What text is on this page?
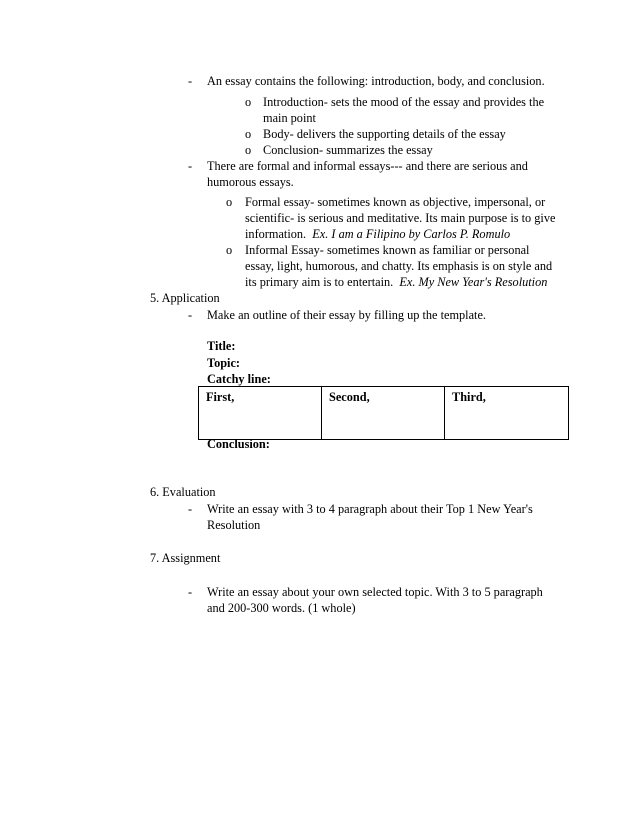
- An essay contains the following: introduction, body, and conclusion.
o Introduction- sets the mood of the essay and provides the
main point
o Body- delivers the supporting details of the essay
o Conclusion- summarizes the essay
- There are formal and informal essays--- and there are serious and
humorous essays.
o Formal essay- sometimes known as objective, impersonal, or
scientific- is serious and meditative. Its main purpose is to give
information. Ex. I am a Filipino by Carlos P. Romulo
o Informal Essay- sometimes known as familiar or personal
essay, light, humorous, and chatty. Its emphasis is on style and
its primary aim is to entertain. Ex. My New Year's Resolution
5. Application
- Make an outline of their essay by filling up the template.
Title:
Topic:
Catchy line:
First,	Second,	Third,
Conclusion:
6. Evaluation
- Write an essay with 3 to 4 paragraph about their Top 1 New Year's
Resolution
7. Assignment
- Write an essay about your own selected topic. With 3 to 5 paragraph
and 200-300 words. (1 whole)
